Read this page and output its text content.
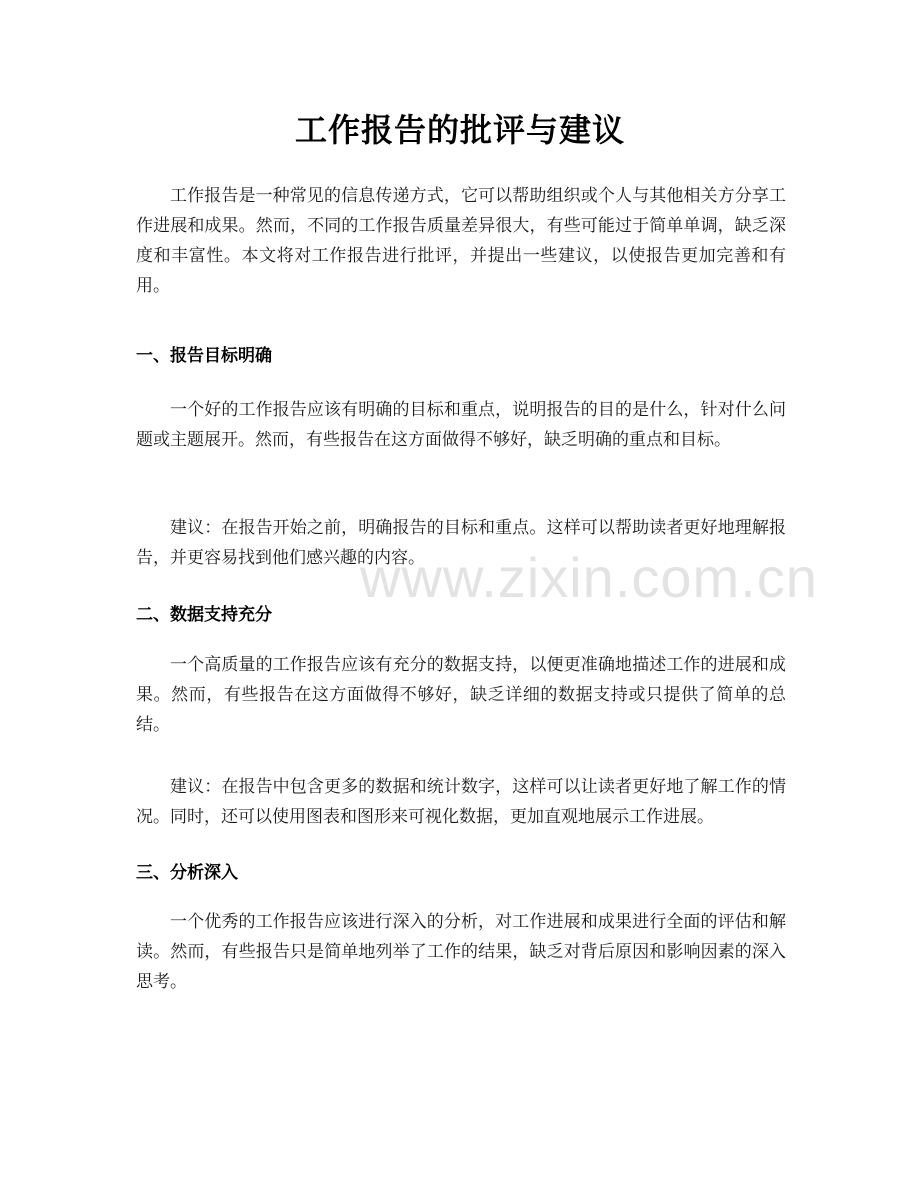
工作报告的批评与建议

工作报告是一种常见的信息传递方式，它可以帮助组织或个人与其他相关方分享工作进展和成果。然而，不同的工作报告质量差异很大，有些可能过于简单单调，缺乏深度和丰富性。本文将对工作报告进行批评，并提出一些建议，以使报告更加完善和有用。

一、报告目标明确

一个好的工作报告应该有明确的目标和重点，说明报告的目的是什么，针对什么问题或主题展开。然而，有些报告在这方面做得不够好，缺乏明确的重点和目标。

建议：在报告开始之前，明确报告的目标和重点。这样可以帮助读者更好地理解报告，并更容易找到他们感兴趣的内容。

二、数据支持充分

一个高质量的工作报告应该有充分的数据支持，以便更准确地描述工作的进展和成果。然而，有些报告在这方面做得不够好，缺乏详细的数据支持或只提供了简单的总结。

建议：在报告中包含更多的数据和统计数字，这样可以让读者更好地了解工作的情况。同时，还可以使用图表和图形来可视化数据，更加直观地展示工作进展。

三、分析深入

一个优秀的工作报告应该进行深入的分析，对工作进展和成果进行全面的评估和解读。然而，有些报告只是简单地列举了工作的结果，缺乏对背后原因和影响因素的深入思考。

www.zixin.com.cn
